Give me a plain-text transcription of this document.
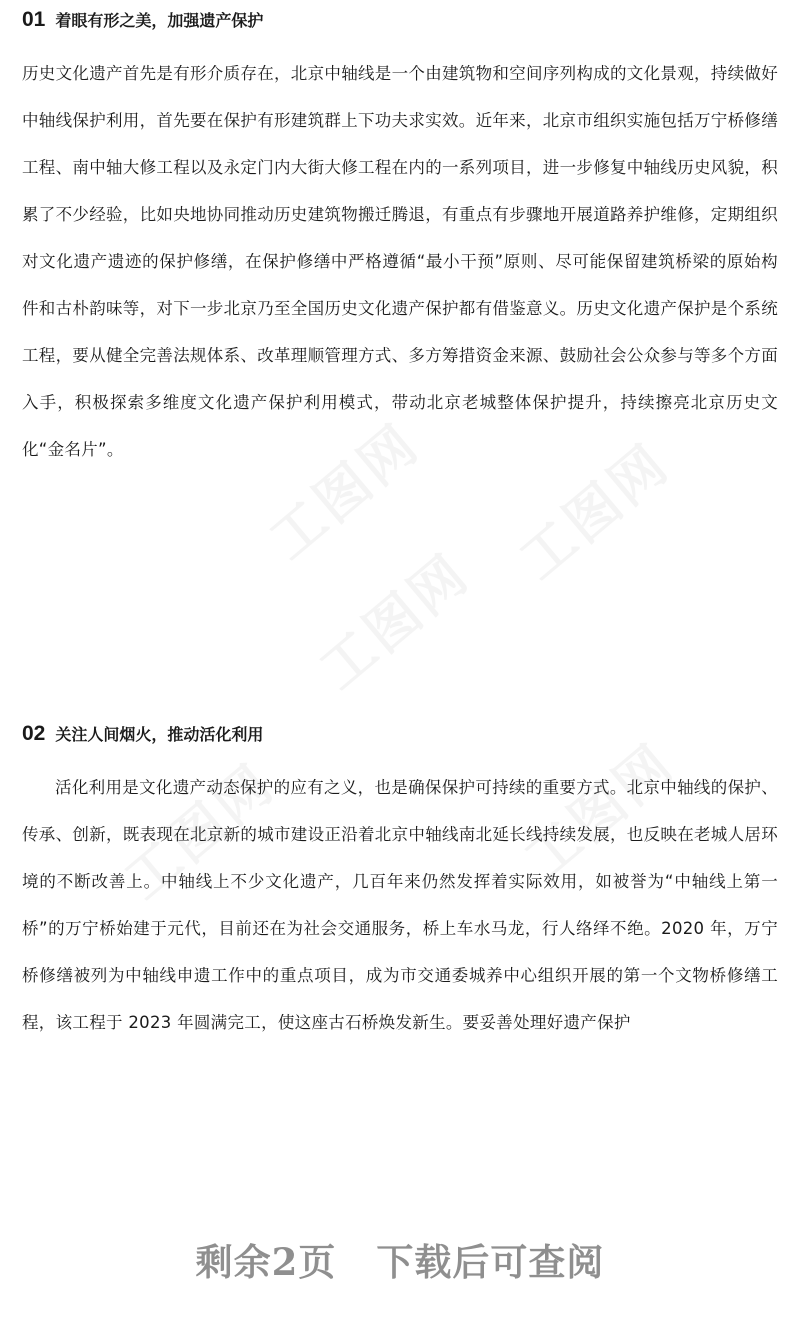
01 着眼有形之美，加强遗产保护

历史文化遗产首先是有形介质存在，北京中轴线是一个由建筑物和空间序列构成的文化景观，持续做好中轴线保护利用，首先要在保护有形建筑群上下功夫求实效。近年来，北京市组织实施包括万宁桥修缮工程、南中轴大修工程以及永定门内大街大修工程在内的一系列项目，进一步修复中轴线历史风貌，积累了不少经验，比如央地协同推动历史建筑物搬迁腾退，有重点有步骤地开展道路养护维修，定期组织对文化遗产遗迹的保护修缮，在保护修缮中严格遵循“最小干预”原则、尽可能保留建筑桥梁的原始构件和古朴韵味等，对下一步北京乃至全国历史文化遗产保护都有借鉴意义。历史文化遗产保护是个系统工程，要从健全完善法规体系、改革理顺管理方式、多方筹措资金来源、鼓励社会公众参与等多个方面入手，积极探索多维度文化遗产保护利用模式，带动北京老城整体保护提升，持续擦亮北京历史文化“金名片”。

02 关注人间烟火，推动活化利用

活化利用是文化遗产动态保护的应有之义，也是确保保护可持续的重要方式。北京中轴线的保护、传承、创新，既表现在北京新的城市建设正沿着北京中轴线南北延长线持续发展，也反映在老城人居环境的不断改善上。中轴线上不少文化遗产，几百年来仍然发挥着实际效用，如被誉为“中轴线上第一桥”的万宁桥始建于元代，目前还在为社会交通服务，桥上车水马龙，行人络绎不绝。2020 年，万宁桥修缮被列为中轴线申遗工作中的重点项目，成为市交通委城养中心组织开展的第一个文物桥修缮工程，该工程于 2023 年圆满完工，使这座古石桥焕发新生。要妥善处理好遗产保护

剩余2页 下载后可查阅
